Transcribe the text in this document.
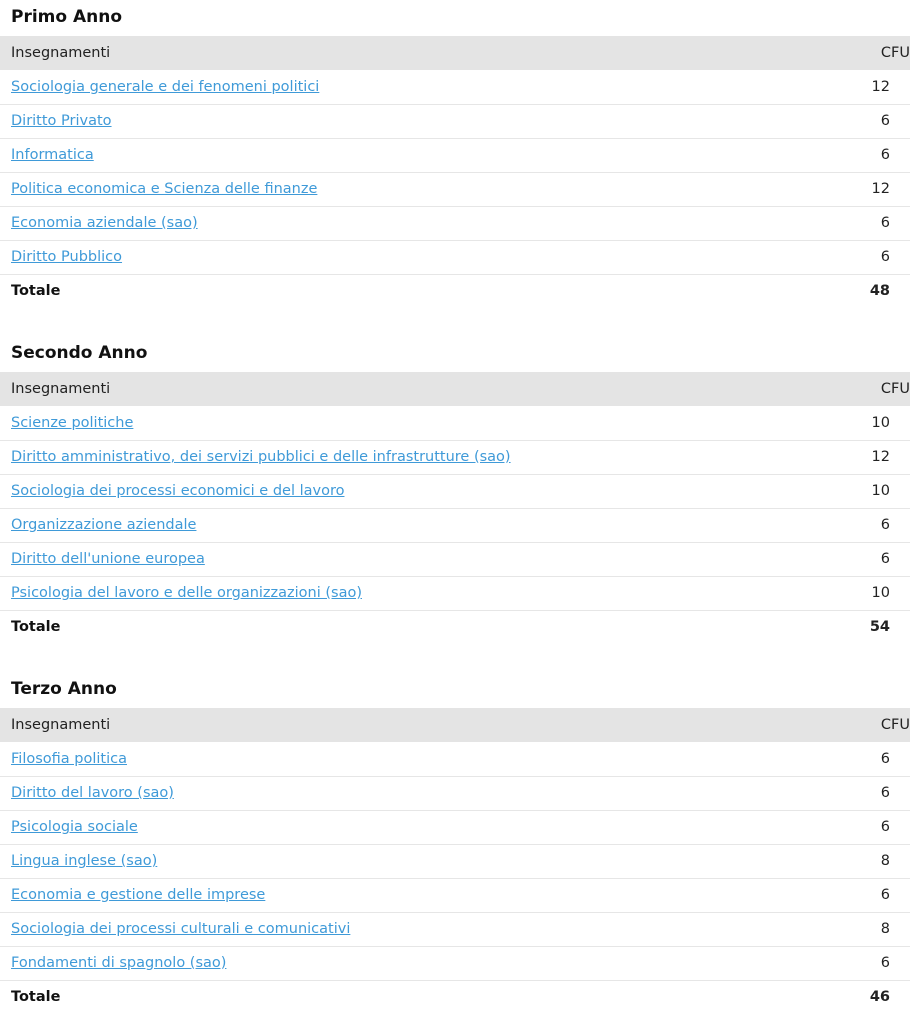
Primo Anno
Insegnamenti	CFU
Sociologia generale e dei fenomeni politici	12
Diritto Privato	6
Informatica	6
Politica economica e Scienza delle finanze	12
Economia aziendale (sao)	6
Diritto Pubblico	6
Totale	48
Secondo Anno
Insegnamenti	CFU
Scienze politiche	10
Diritto amministrativo, dei servizi pubblici e delle infrastrutture (sao)	12
Sociologia dei processi economici e del lavoro	10
Organizzazione aziendale	6
Diritto dell'unione europea	6
Psicologia del lavoro e delle organizzazioni (sao)	10
Totale	54
Terzo Anno
Insegnamenti	CFU
Filosofia politica	6
Diritto del lavoro (sao)	6
Psicologia sociale	6
Lingua inglese (sao)	8
Economia e gestione delle imprese	6
Sociologia dei processi culturali e comunicativi	8
Fondamenti di spagnolo (sao)	6
Totale	46
